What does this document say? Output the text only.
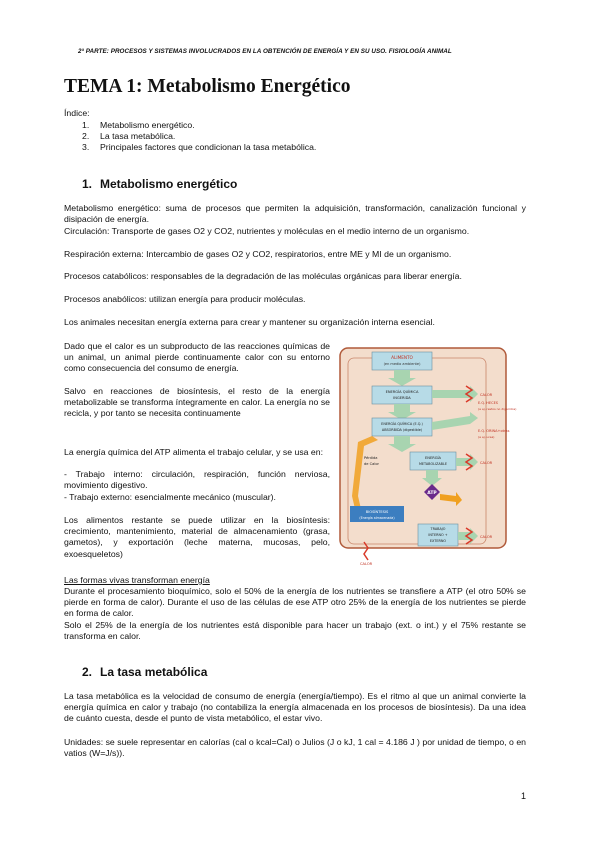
2ª PARTE: PROCESOS Y SISTEMAS INVOLUCRADOS EN LA OBTENCIÓN DE ENERGÍA Y EN SU USO. FISIOLOGÍA ANIMAL
TEMA 1: Metabolismo Energético
Índice:
1.	Metabolismo energético.
2.	La tasa metabólica.
3.	Principales factores que condicionan la tasa metabólica.
1. Metabolismo energético
Metabolismo energético: suma de procesos que permiten la adquisición, transformación, canalización funcional y disipación de energía.
Circulación: Transporte de gases O2 y CO2, nutrientes y moléculas en el medio interno de un organismo.
Respiración externa: Intercambio de gases O2 y CO2, respiratorios, entre ME y MI de un organismo.
Procesos catabólicos: responsables de la degradación de las moléculas orgánicas para liberar energía.
Procesos anabólicos: utilizan energía para producir moléculas.
Los animales necesitan energía externa para crear y mantener su organización interna esencial.
Dado que el calor es un subproducto de las reacciones químicas de un animal, un animal pierde continuamente calor con su entorno como consecuencia del consumo de energía.
Salvo en reacciones de biosíntesis, el resto de la energía metabolizable se transforma íntegramente en calor. La energía no se recicla, y por tanto se necesita continuamente
La energía química del ATP alimenta el trabajo celular, y se usa en:
- Trabajo interno: circulación, respiración, función nerviosa, movimiento digestivo.
- Trabajo externo: esencialmente mecánico (muscular).
Los alimentos restante se puede utilizar en la biosíntesis: crecimiento, mantenimiento, material de almacenamiento (grasa, gametos), y exportación (leche materna, mucosas, pelo, exoesqueletos)
ALIMENTO
(en medio ambiente)
ENERGÍA QUÍMICA
INGERIDA
CALOR
ENERGÍA QUÍMICA (E.Q.)
ABSORBIDA (digestible)
E.Q. HECES
(a ej. restos no digeridos)
E.Q. ORINA+otras
(a ej. urea)
Pérdida
de Calor
ENERGÍA
METABOLIZABLE	CALOR
ATP
BIOSÍNTESIS
(Energía almacenada)
TRABAJO
INTERNO +
EXTERNO
CALOR
CALOR
Las formas vivas transforman energía
Durante el procesamiento bioquímico, solo el 50% de la energía de los nutrientes se transfiere a ATP (el otro 50% se pierde en forma de calor). Durante el uso de las células de ese ATP otro 25% de la energía de los nutrientes se pierde en forma de calor.
Solo el 25% de la energía de los nutrientes está disponible para hacer un trabajo (ext. o int.) y el 75% restante se transforma en calor.
2. La tasa metabólica
La tasa metabólica es la velocidad de consumo de energía (energía/tiempo). Es el ritmo al que un animal convierte la energía química en calor y trabajo (no contabiliza la energía almacenada en los procesos de biosíntesis). Da una idea de cuánto cuesta, desde el punto de vista metabólico, el estar vivo.
Unidades: se suele representar en calorías (cal o kcal=Cal) o Julios (J o kJ, 1 cal = 4.186 J ) por unidad de tiempo, o en vatios (W=J/s)).
1
